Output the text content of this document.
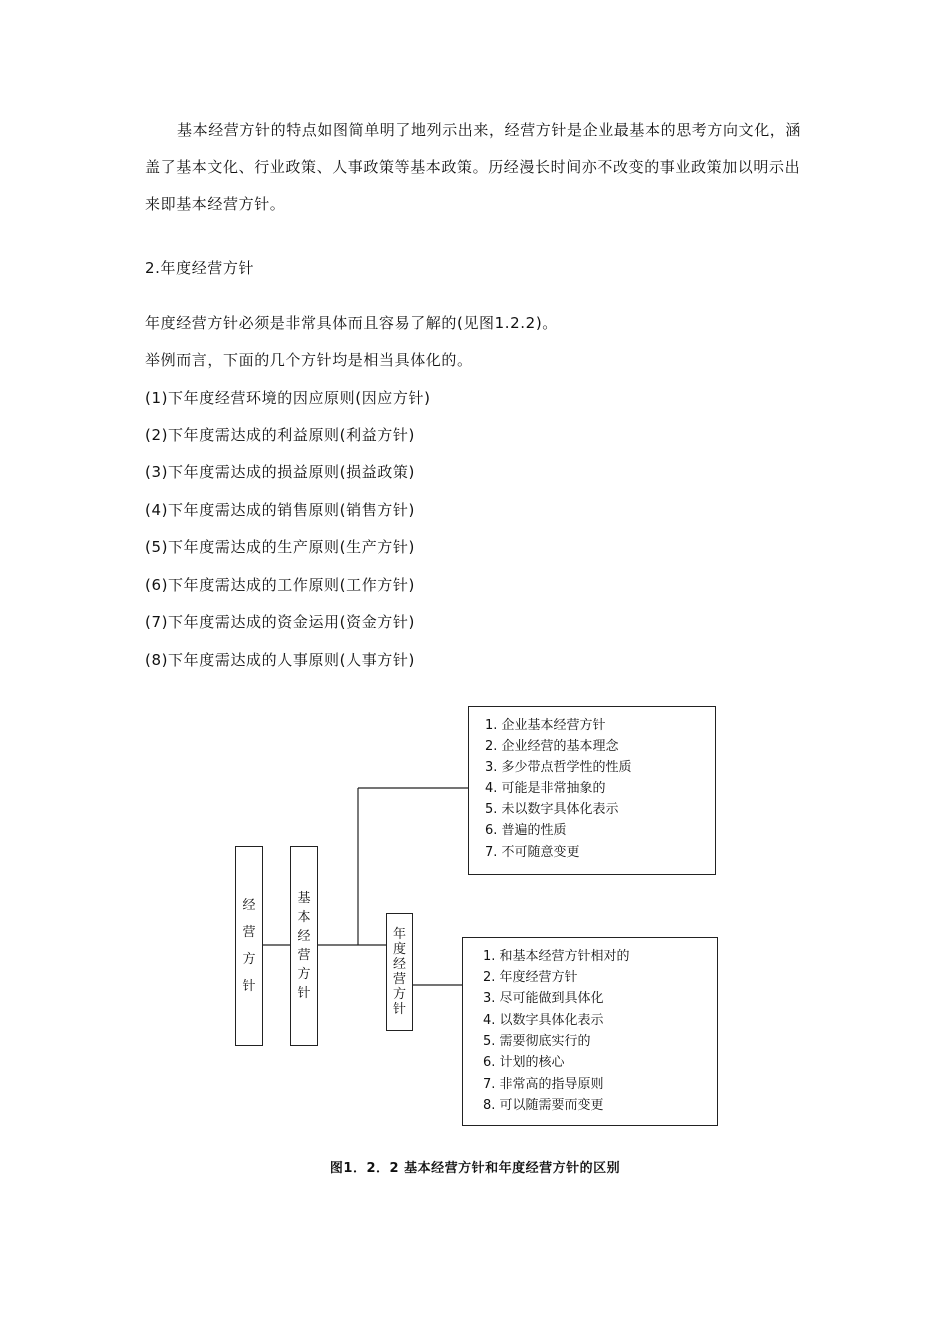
基本经营方针的特点如图简单明了地列示出来，经营方针是企业最基本的思考方向文化，涵盖了基本文化、行业政策、人事政策等基本政策。历经漫长时间亦不改变的事业政策加以明示出来即基本经营方针。

2.年度经营方针
年度经营方针必须是非常具体而且容易了解的(见图1.2.2)。
举例而言，下面的几个方针均是相当具体化的。
(1)下年度经营环境的因应原则(因应方针)
(2)下年度需达成的利益原则(利益方针)
(3)下年度需达成的损益原则(损益政策)
(4)下年度需达成的销售原则(销售方针)
(5)下年度需达成的生产原则(生产方针)
(6)下年度需达成的工作原则(工作方针)
(7)下年度需达成的资金运用(资金方针)
(8)下年度需达成的人事原则(人事方针)
经
营
方
针
基
本
经
营
方
针
年
度
经
营
方
针
1. 企业基本经营方针
2. 企业经营的基本理念
3. 多少带点哲学性的性质
4. 可能是非常抽象的
5. 未以数字具体化表示
6. 普遍的性质
7. 不可随意变更
1. 和基本经营方针相对的
2. 年度经营方针
3. 尽可能做到具体化
4. 以数字具体化表示
5. 需要彻底实行的
6. 计划的核心
7. 非常高的指导原则
8. 可以随需要而变更
图1．2．2 基本经营方针和年度经营方针的区别
